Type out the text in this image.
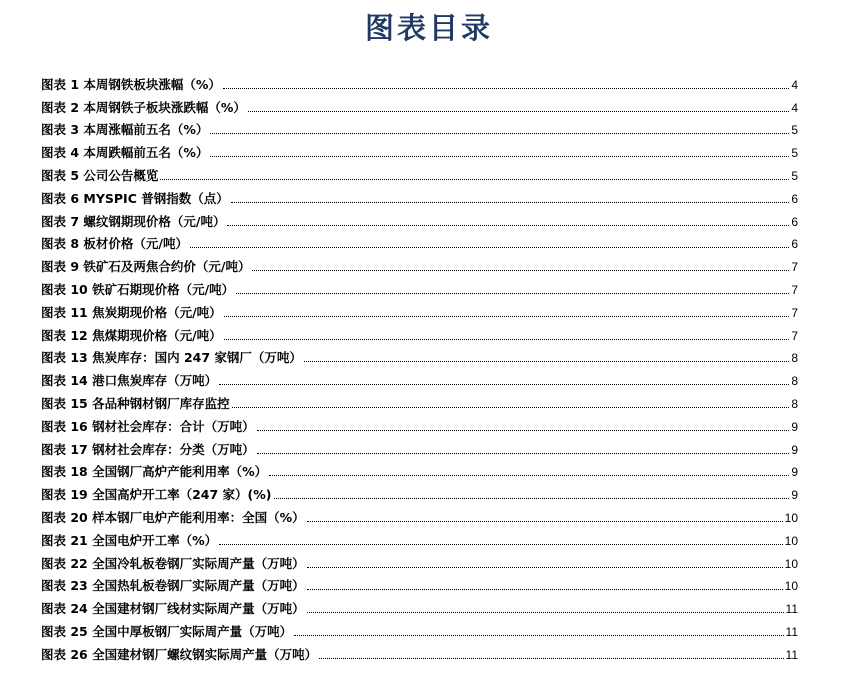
图表目录
图表 1 本周钢铁板块涨幅（%）	4
图表 2 本周钢铁子板块涨跌幅（%）	4
图表 3 本周涨幅前五名（%）	5
图表 4 本周跌幅前五名（%）	5
图表 5 公司公告概览	5
图表 6 MYSPIC 普钢指数（点）	6
图表 7 螺纹钢期现价格（元/吨）	6
图表 8 板材价格（元/吨）	6
图表 9 铁矿石及两焦合约价（元/吨）	7
图表 10 铁矿石期现价格（元/吨）	7
图表 11 焦炭期现价格（元/吨）	7
图表 12 焦煤期现价格（元/吨）	7
图表 13 焦炭库存：国内 247 家钢厂（万吨）	8
图表 14 港口焦炭库存（万吨）	8
图表 15 各品种钢材钢厂库存监控	8
图表 16 钢材社会库存：合计（万吨）	9
图表 17 钢材社会库存：分类（万吨）	9
图表 18 全国钢厂高炉产能利用率（%）	9
图表 19 全国高炉开工率（247 家）(%)	9
图表 20 样本钢厂电炉产能利用率：全国（%）	10
图表 21 全国电炉开工率（%）	10
图表 22 全国冷轧板卷钢厂实际周产量（万吨）	10
图表 23 全国热轧板卷钢厂实际周产量（万吨）	10
图表 24 全国建材钢厂线材实际周产量（万吨）	11
图表 25 全国中厚板钢厂实际周产量（万吨）	11
图表 26 全国建材钢厂螺纹钢实际周产量（万吨）	11
